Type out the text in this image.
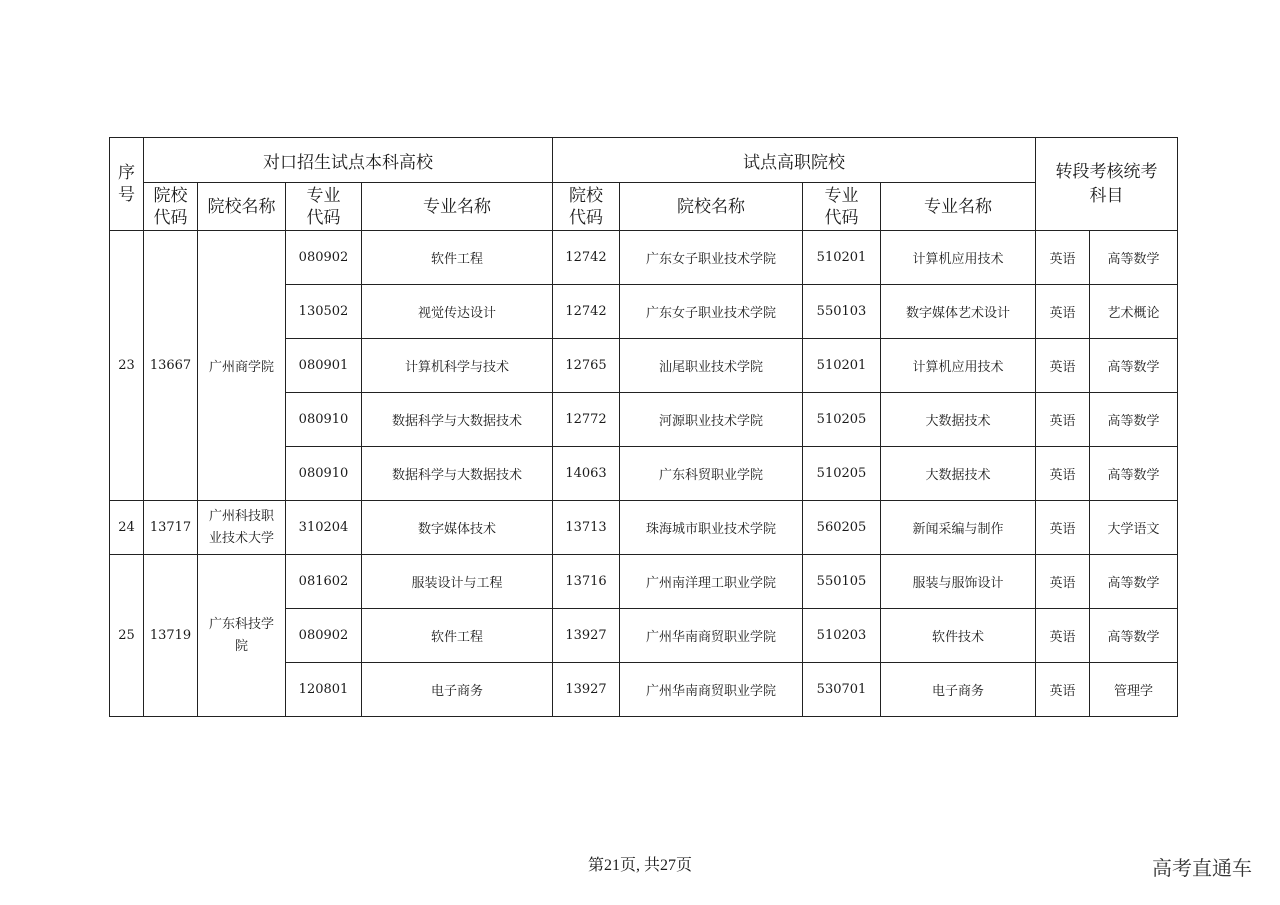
序号	对口招生试点本科高校				试点高职院校				转段考核统考科目	

	院校代码	院校名称	专业代码	专业名称	院校代码	院校名称	专业代码	专业名称		
23	13667	广州商学院	080902	软件工程	12742	广东女子职业技术学院	510201	计算机应用技术	英语	高等数学
			130502	视觉传达设计	12742	广东女子职业技术学院	550103	数字媒体艺术设计	英语	艺术概论
			080901	计算机科学与技术	12765	汕尾职业技术学院	510201	计算机应用技术	英语	高等数学
			080910	数据科学与大数据技术	12772	河源职业技术学院	510205	大数据技术	英语	高等数学
			080910	数据科学与大数据技术	14063	广东科贸职业学院	510205	大数据技术	英语	高等数学
24	13717	广州科技职业技术大学	310204	数字媒体技术	13713	珠海城市职业技术学院	560205	新闻采编与制作	英语	大学语文
25	13719	广东科技学院	081602	服装设计与工程	13716	广州南洋理工职业学院	550105	服装与服饰设计	英语	高等数学
			080902	软件工程	13927	广州华南商贸职业学院	510203	软件技术	英语	高等数学
			120801	电子商务	13927	广州华南商贸职业学院	530701	电子商务	英语	管理学
第21页, 共27页	高考直通车
